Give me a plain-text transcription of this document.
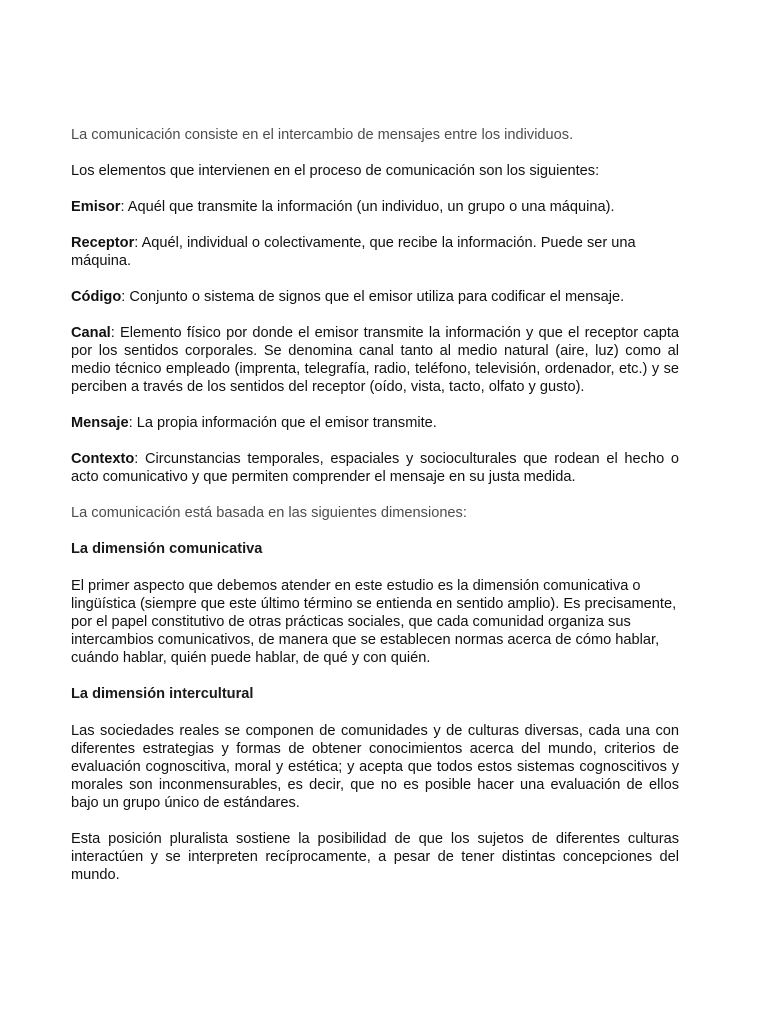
La comunicación consiste en el intercambio de mensajes entre los individuos.

Los elementos que intervienen en el proceso de comunicación son los siguientes:

Emisor: Aquél que transmite la información (un individuo, un grupo o una máquina).

Receptor: Aquél, individual o colectivamente, que recibe la información. Puede ser una máquina.

Código: Conjunto o sistema de signos que el emisor utiliza para codificar el mensaje.

Canal: Elemento físico por donde el emisor transmite la información y que el receptor capta por los sentidos corporales. Se denomina canal tanto al medio natural (aire, luz) como al medio técnico empleado (imprenta, telegrafía, radio, teléfono, televisión, ordenador, etc.) y se perciben a través de los sentidos del receptor (oído, vista, tacto, olfato y gusto).

Mensaje: La propia información que el emisor transmite.

Contexto: Circunstancias temporales, espaciales y socioculturales que rodean el hecho o acto comunicativo y que permiten comprender el mensaje en su justa medida.

La comunicación está basada en las siguientes dimensiones:

La dimensión comunicativa

El primer aspecto que debemos atender en este estudio es la dimensión comunicativa o lingüística (siempre que este último término se entienda en sentido amplio). Es precisamente, por el papel constitutivo de otras prácticas sociales, que cada comunidad organiza sus intercambios comunicativos, de manera que se establecen normas acerca de cómo hablar, cuándo hablar, quién puede hablar, de qué y con quién.

La dimensión intercultural

Las sociedades reales se componen de comunidades y de culturas diversas, cada una con diferentes estrategias y formas de obtener conocimientos acerca del mundo, criterios de evaluación cognoscitiva, moral y estética; y acepta que todos estos sistemas cognoscitivos y morales son inconmensurables, es decir, que no es posible hacer una evaluación de ellos bajo un grupo único de estándares.

Esta posición pluralista sostiene la posibilidad de que los sujetos de diferentes culturas interactúen y se interpreten recíprocamente, a pesar de tener distintas concepciones del mundo.
